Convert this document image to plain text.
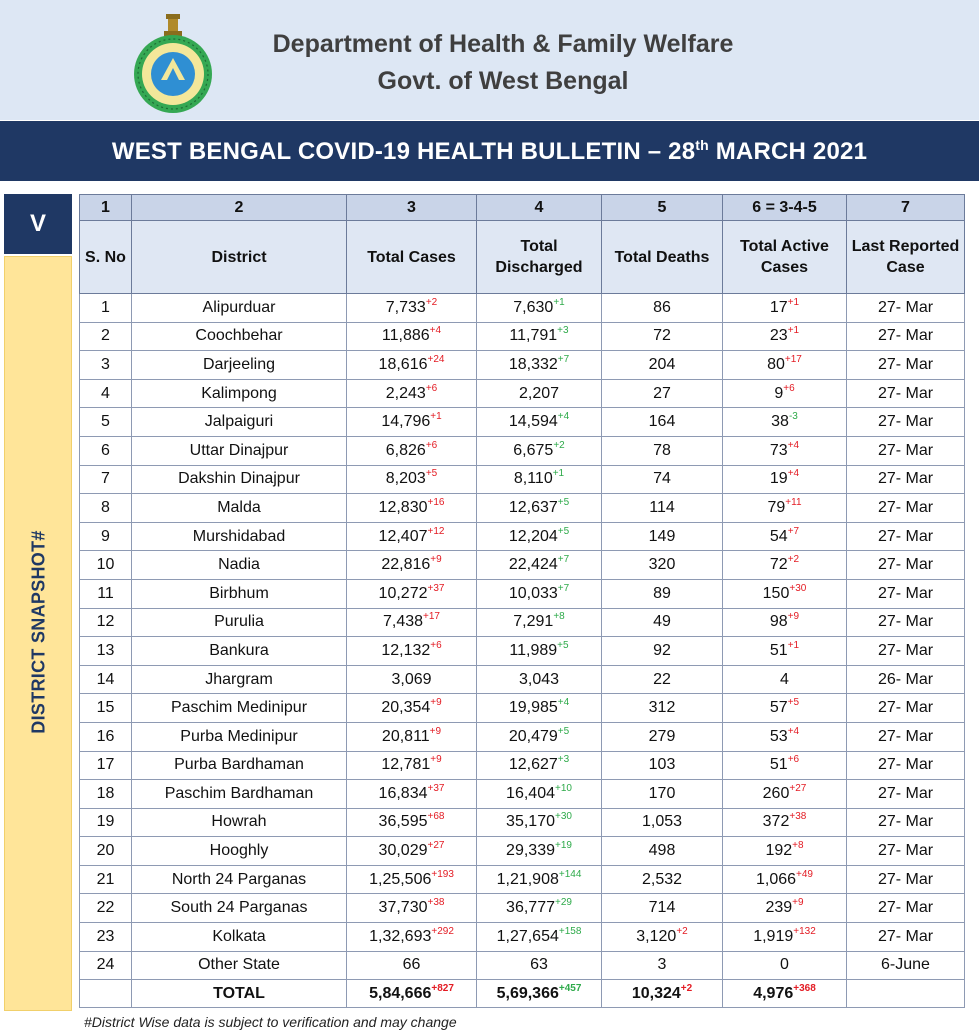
Department of Health & Family Welfare
Govt. of West Bengal
WEST BENGAL COVID-19 HEALTH BULLETIN – 28th MARCH 2021
V
DISTRICT SNAPSHOT#
1	2	3	4	5	6 = 3-4-5	7
S. No	District	Total Cases	Total Discharged	Total Deaths	Total Active Cases	Last Reported Case
1	Alipurduar	$7,733^{+2}$	$7,630^{+1}$	86	$17^{+1}$	27- Mar
2	Coochbehar	$11,886^{+4}$	$11,791^{+3}$	72	$23^{+1}$	27- Mar
3	Darjeeling	$18,616^{+24}$	$18,332^{+7}$	204	$80^{+17}$	27- Mar
4	Kalimpong	$2,243^{+6}$	2,207	27	$9^{+6}$	27- Mar
5	Jalpaiguri	$14,796^{+1}$	$14,594^{+4}$	164	$38^{-3}$	27- Mar
6	Uttar Dinajpur	$6,826^{+6}$	$6,675^{+2}$	78	$73^{+4}$	27- Mar
7	Dakshin Dinajpur	$8,203^{+5}$	$8,110^{+1}$	74	$19^{+4}$	27- Mar
8	Malda	$12,830^{+16}$	$12,637^{+5}$	114	$79^{+11}$	27- Mar
9	Murshidabad	$12,407^{+12}$	$12,204^{+5}$	149	$54^{+7}$	27- Mar
10	Nadia	$22,816^{+9}$	$22,424^{+7}$	320	$72^{+2}$	27- Mar
11	Birbhum	$10,272^{+37}$	$10,033^{+7}$	89	$150^{+30}$	27- Mar
12	Purulia	$7,438^{+17}$	$7,291^{+8}$	49	$98^{+9}$	27- Mar
13	Bankura	$12,132^{+6}$	$11,989^{+5}$	92	$51^{+1}$	27- Mar
14	Jhargram	3,069	3,043	22	4	26- Mar
15	Paschim Medinipur	$20,354^{+9}$	$19,985^{+4}$	312	$57^{+5}$	27- Mar
16	Purba Medinipur	$20,811^{+9}$	$20,479^{+5}$	279	$53^{+4}$	27- Mar
17	Purba Bardhaman	$12,781^{+9}$	$12,627^{+3}$	103	$51^{+6}$	27- Mar
18	Paschim Bardhaman	$16,834^{+37}$	$16,404^{+10}$	170	$260^{+27}$	27- Mar
19	Howrah	$36,595^{+68}$	$35,170^{+30}$	1,053	$372^{+38}$	27- Mar
20	Hooghly	$30,029^{+27}$	$29,339^{+19}$	498	$192^{+8}$	27- Mar
21	North 24 Parganas	$1,25,506^{+193}$	$1,21,908^{+144}$	2,532	$1,066^{+49}$	27- Mar
22	South 24 Parganas	$37,730^{+38}$	$36,777^{+29}$	714	$239^{+9}$	27- Mar
23	Kolkata	$1,32,693^{+292}$	$1,27,654^{+158}$	$3,120^{+2}$	$1,919^{+132}$	27- Mar
24	Other State	66	63	3	0	6-June
	TOTAL	$5,84,666^{+827}$	$5,69,366^{+457}$	$10,324^{+2}$	$4,976^{+368}$	
#District Wise data is subject to verification and may change
